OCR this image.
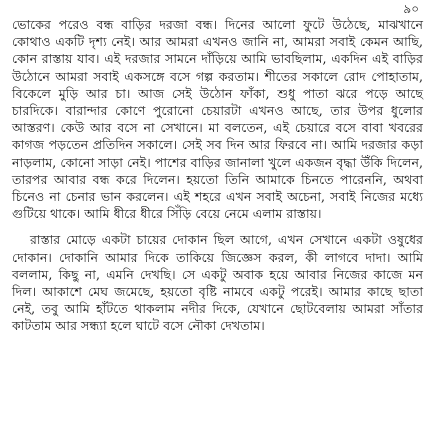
৯০

ভোকের পরেও বন্ধ বাড়ির দরজা বন্ধ। দিনের আলো ফুটে উঠেছে, মাঝখানে কোথাও একটি দৃশ্য নেই। আর আমরা এখনও জানি না, আমরা সবাই কেমন আছি, কোন রাস্তায় যাব। এই দরজার সামনে দাঁড়িয়ে আমি ভাবছিলাম, একদিন এই বাড়ির উঠোনে আমরা সবাই একসঙ্গে বসে গল্প করতাম। শীতের সকালে রোদ পোহাতাম, বিকেলে মুড়ি আর চা। আজ সেই উঠোন ফাঁকা, শুধু পাতা ঝরে পড়ে আছে চারদিকে। বারান্দার কোণে পুরোনো চেয়ারটা এখনও আছে, তার উপর ধুলোর আস্তরণ। কেউ আর বসে না সেখানে। মা বলতেন, এই চেয়ারে বসে বাবা খবরের কাগজ পড়তেন প্রতিদিন সকালে। সেই সব দিন আর ফিরবে না। আমি দরজার কড়া নাড়লাম, কোনো সাড়া নেই। পাশের বাড়ির জানালা খুলে একজন বৃদ্ধা উঁকি দিলেন, তারপর আবার বন্ধ করে দিলেন। হয়তো তিনি আমাকে চিনতে পারেননি, অথবা চিনেও না চেনার ভান করলেন। এই শহরে এখন সবাই অচেনা, সবাই নিজের মধ্যে গুটিয়ে থাকে। আমি ধীরে ধীরে সিঁড়ি বেয়ে নেমে এলাম রাস্তায়।

রাস্তার মোড়ে একটা চায়ের দোকান ছিল আগে, এখন সেখানে একটা ওষুধের দোকান। দোকানি আমার দিকে তাকিয়ে জিজ্ঞেস করল, কী লাগবে দাদা। আমি বললাম, কিছু না, এমনি দেখছি। সে একটু অবাক হয়ে আবার নিজের কাজে মন দিল। আকাশে মেঘ জমেছে, হয়তো বৃষ্টি নামবে একটু পরেই। আমার কাছে ছাতা নেই, তবু আমি হাঁটতে থাকলাম নদীর দিকে, যেখানে ছোটবেলায় আমরা সাঁতার কাটতাম আর সন্ধ্যা হলে ঘাটে বসে নৌকা দেখতাম।
